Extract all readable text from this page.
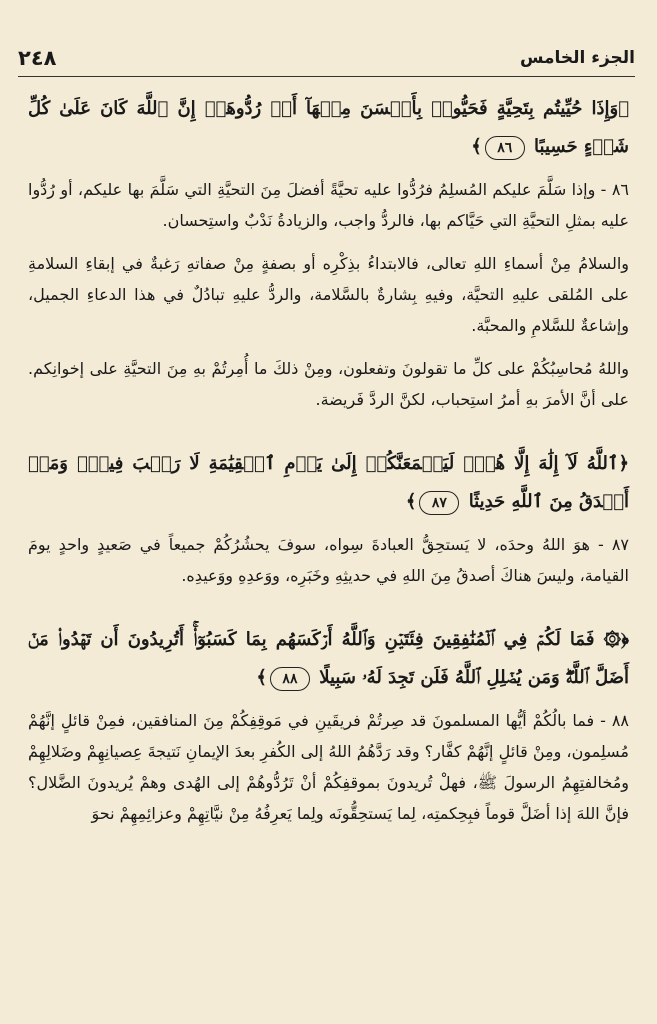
٢٤٨	الجزء الخامس
﴿وَإِذَا حُيِّيتُم بِتَحِيَّةٍ فَحَيُّوا۟ بِأَحۡسَنَ مِنۡهَآ أَوۡ رُدُّوهَآۗ إِنَّ ٱللَّهَ كَانَ عَلَىٰ كُلِّ شَيۡءٍ حَسِيبًا ٨٦﴾
٨٦ - وإذا سَلَّمَ عليكم المُسلِمُ فرُدُّوا عليه تحيَّةً أفضلَ مِنَ التحيَّةِ التي سَلَّمَ بها عليكم، أو رُدُّوا عليه بمثلِ التحيَّةِ التي حَيَّاكم بها، فالردُّ واجب، والزيادةُ نَدْبٌ واستِحسان.
والسلامُ مِنْ أسماءِ اللهِ تعالى، فالابتداءُ بذِكْرِه أو بصفةٍ مِنْ صفاتهِ رَغبةٌ في إبقاءِ السلامةِ على المُلقى عليهِ التحيَّة، وفيهِ بِشارةٌ بالسَّلامة، والردُّ عليهِ تبادُلٌ في هذا الدعاءِ الجميل، وإشاعةٌ للسَّلامِ والمحبَّة.
واللهُ مُحاسِبُكُمْ على كلِّ ما تقولونَ وتفعلون، ومِنْ ذلكَ ما أُمِرتُمْ بهِ مِنَ التحيَّةِ على إخوانِكم. على أنَّ الأمرَ بهِ أمرُ استِحباب، لكنَّ الردَّ فَريضة.
﴿ٱللَّهُ لَآ إِلَٰهَ إِلَّا هُوَۚ لَيَجۡمَعَنَّكُمۡ إِلَىٰ يَوۡمِ ٱلۡقِيَٰمَةِ لَا رَيۡبَ فِيهِۗ وَمَنۡ أَصۡدَقُ مِنَ ٱللَّهِ حَدِيثًا ٨٧﴾
٨٧ - هوَ اللهُ وحدَه، لا يَستحِقُّ العبادةَ سِواه، سوفَ يحشُرُكُمْ جميعاً في صَعيدٍ واحدٍ يومَ القيامة، وليسَ هناكَ أصدقُ مِنَ اللهِ في حديثِهِ وخَبَرِه، ووَعدِهِ ووَعيدِه.
﴿۞ فَمَا لَكُمۡ فِي ٱلۡمُنَٰفِقِينَ فِئَتَيۡنِ وَٱللَّهُ أَرۡكَسَهُم بِمَا كَسَبُوٓا۟ۚ أَتُرِيدُونَ أَن تَهۡدُوا۟ مَنۡ أَضَلَّ ٱللَّهُۖ وَمَن يُضۡلِلِ ٱللَّهُ فَلَن تَجِدَ لَهُۥ سَبِيلًا ٨٨﴾
٨٨ - فما بالُكُمْ أيُّها المسلمونَ قد صِرتُمْ فريقَينِ في مَوقِفِكُمْ مِنَ المنافقين، فمِنْ قائلٍ إنَّهُمْ مُسلِمون، ومِنْ قائلٍ إنَّهُمْ كفَّار؟ وقد رَدَّهُمُ اللهُ إلى الكُفرِ بعدَ الإيمانِ نَتيجةَ عِصيانِهِمْ وضَلالِهِمْ ومُخالفتِهِمُ الرسولَ ﷺ، فهلْ تُريدونَ بموقفِكُمْ أنْ تَرُدُّوهُمْ إلى الهُدى وهمْ يُريدونَ الضَّلال؟ فإنَّ اللهَ إذا أضَلَّ قوماً فبِحِكمتِه، لِما يَستحِقُّونَه ولِما يَعرِفُهُ مِنْ نيَّاتِهِمْ وعزائِمِهِمْ نحوَ
